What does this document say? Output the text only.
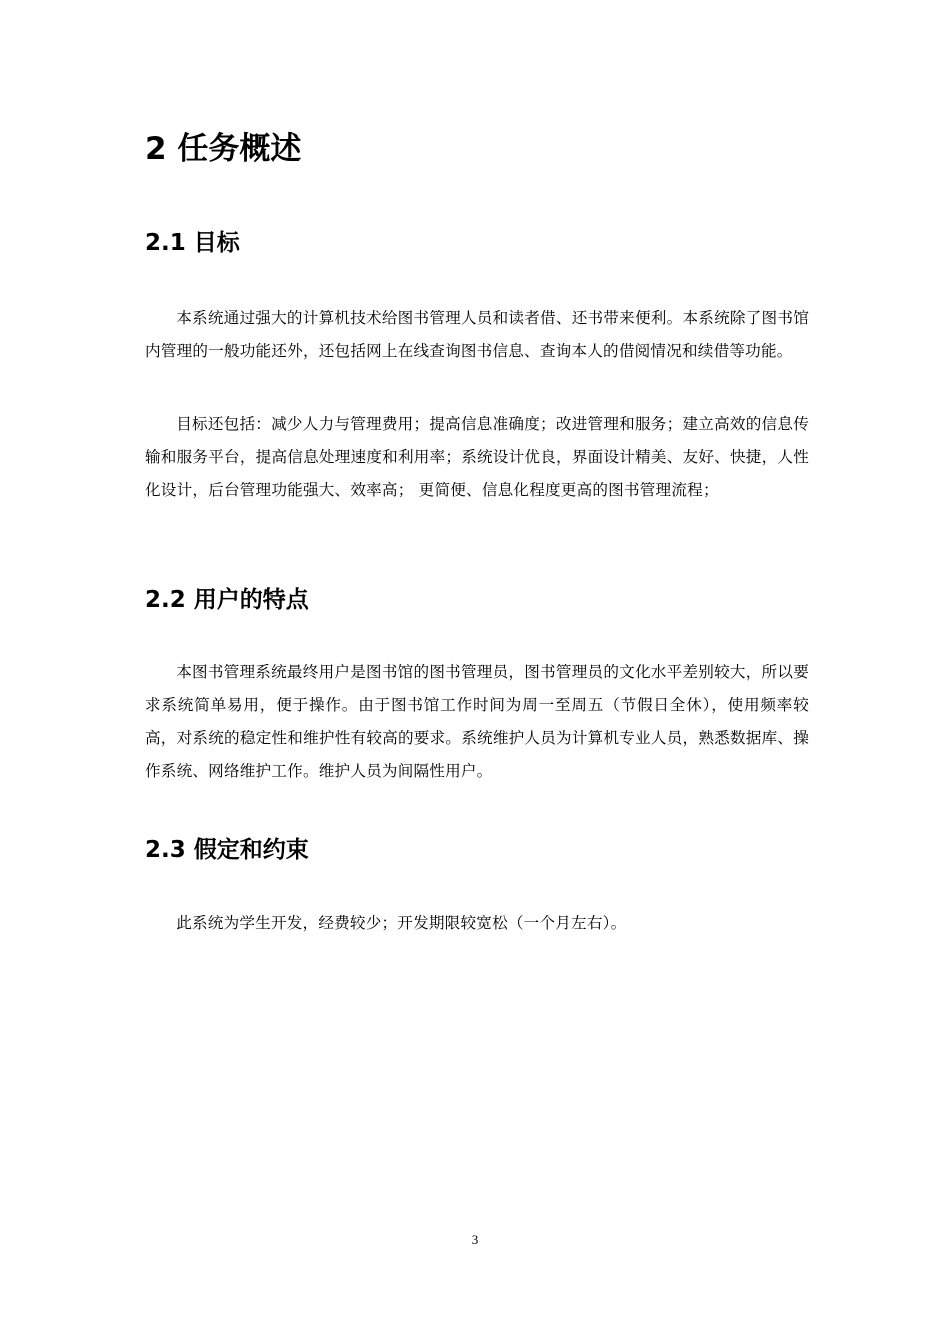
2 任务概述
2.1 目标

本系统通过强大的计算机技术给图书管理人员和读者借、还书带来便利。本系统除了图书馆内管理的一般功能还外，还包括网上在线查询图书信息、查询本人的借阅情况和续借等功能。

目标还包括：减少人力与管理费用；提高信息准确度；改进管理和服务；建立高效的信息传输和服务平台，提高信息处理速度和利用率；系统设计优良，界面设计精美、友好、快捷，人性化设计，后台管理功能强大、效率高； 更简便、信息化程度更高的图书管理流程；

2.2 用户的特点

本图书管理系统最终用户是图书馆的图书管理员，图书管理员的文化水平差别较大，所以要求系统简单易用，便于操作。由于图书馆工作时间为周一至周五（节假日全休），使用频率较高，对系统的稳定性和维护性有较高的要求。系统维护人员为计算机专业人员，熟悉数据库、操作系统、网络维护工作。维护人员为间隔性用户。

2.3 假定和约束

此系统为学生开发，经费较少；开发期限较宽松（一个月左右）。

3
